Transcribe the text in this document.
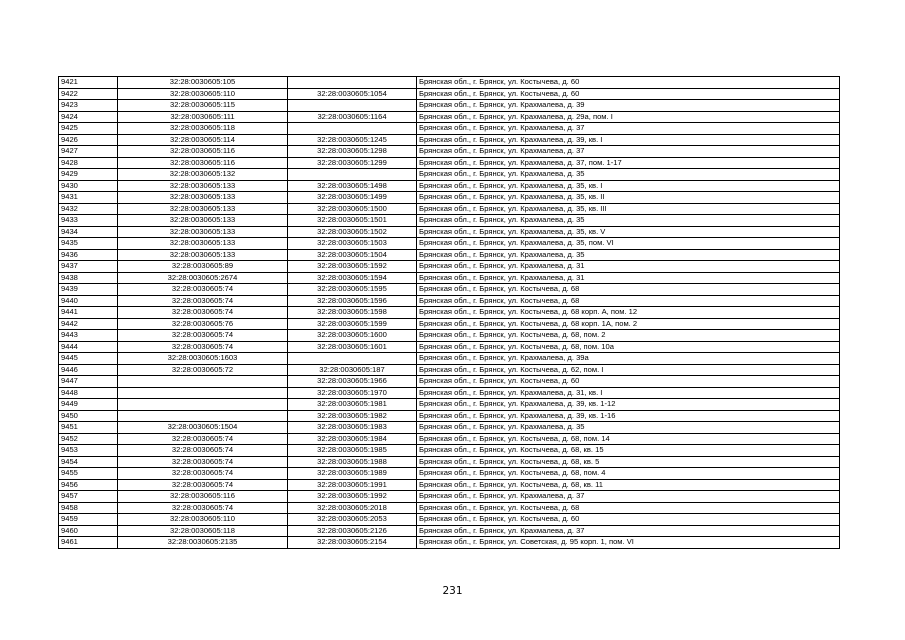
9421	32:28:0030605:105		Брянская обл., г. Брянск, ул. Костычева, д. 60
9422	32:28:0030605:110	32:28:0030605:1054	Брянская обл., г. Брянск, ул. Костычева, д. 60
9423	32:28:0030605:115		Брянская обл., г. Брянск, ул. Крахмалева, д. 39
9424	32:28:0030605:111	32:28:0030605:1164	Брянская обл., г. Брянск, ул. Крахмалева, д. 29а, пом. I
9425	32:28:0030605:118		Брянская обл., г. Брянск, ул. Крахмалева, д. 37
9426	32:28:0030605:114	32:28:0030605:1245	Брянская обл., г. Брянск, ул. Крахмалева, д. 39, кв. I
9427	32:28:0030605:116	32:28:0030605:1298	Брянская обл., г. Брянск, ул. Крахмалева, д. 37
9428	32:28:0030605:116	32:28:0030605:1299	Брянская обл., г. Брянск, ул. Крахмалева, д. 37, пом. 1-17
9429	32:28:0030605:132		Брянская обл., г. Брянск, ул. Крахмалева, д. 35
9430	32:28:0030605:133	32:28:0030605:1498	Брянская обл., г. Брянск, ул. Крахмалева, д. 35, кв. I
9431	32:28:0030605:133	32:28:0030605:1499	Брянская обл., г. Брянск, ул. Крахмалева, д. 35, кв. II
9432	32:28:0030605:133	32:28:0030605:1500	Брянская обл., г. Брянск, ул. Крахмалева, д. 35, кв. III
9433	32:28:0030605:133	32:28:0030605:1501	Брянская обл., г. Брянск, ул. Крахмалева, д. 35
9434	32:28:0030605:133	32:28:0030605:1502	Брянская обл., г. Брянск, ул. Крахмалева, д. 35, кв. V
9435	32:28:0030605:133	32:28:0030605:1503	Брянская обл., г. Брянск, ул. Крахмалева, д. 35, пом. VI
9436	32:28:0030605:133	32:28:0030605:1504	Брянская обл., г. Брянск, ул. Крахмалева, д. 35
9437	32:28:0030605:89	32:28:0030605:1592	Брянская обл., г. Брянск, ул. Крахмалева, д. 31
9438	32:28:0030605:2674	32:28:0030605:1594	Брянская обл., г. Брянск, ул. Крахмалева, д. 31
9439	32:28:0030605:74	32:28:0030605:1595	Брянская обл., г. Брянск, ул. Костычева, д. 68
9440	32:28:0030605:74	32:28:0030605:1596	Брянская обл., г. Брянск, ул. Костычева, д. 68
9441	32:28:0030605:74	32:28:0030605:1598	Брянская обл., г. Брянск, ул. Костычева, д. 68 корп. А, пом. 12
9442	32:28:0030605:76	32:28:0030605:1599	Брянская обл., г. Брянск, ул. Костычева, д. 68 корп. 1А, пом. 2
9443	32:28:0030605:74	32:28:0030605:1600	Брянская обл., г. Брянск, ул. Костычева, д. 68, пом. 2
9444	32:28:0030605:74	32:28:0030605:1601	Брянская обл., г. Брянск, ул. Костычева, д. 68, пом. 10а
9445	32:28:0030605:1603		Брянская обл., г. Брянск, ул. Крахмалева, д. 39а
9446	32:28:0030605:72	32:28:0030605:187	Брянская обл., г. Брянск, ул. Костычева, д. 62, пом. I
9447		32:28:0030605:1966	Брянская обл., г. Брянск, ул. Костычева, д. 60
9448		32:28:0030605:1970	Брянская обл., г. Брянск, ул. Крахмалева, д. 31, кв. I
9449		32:28:0030605:1981	Брянская обл., г. Брянск, ул. Крахмалева, д. 39, кв. 1-12
9450		32:28:0030605:1982	Брянская обл., г. Брянск, ул. Крахмалева, д. 39, кв. 1-16
9451	32:28:0030605:1504	32:28:0030605:1983	Брянская обл., г. Брянск, ул. Крахмалева, д. 35
9452	32:28:0030605:74	32:28:0030605:1984	Брянская обл., г. Брянск, ул. Костычева, д. 68, пом. 14
9453	32:28:0030605:74	32:28:0030605:1985	Брянская обл., г. Брянск, ул. Костычева, д. 68, кв. 15
9454	32:28:0030605:74	32:28:0030605:1988	Брянская обл., г. Брянск, ул. Костычева, д. 68, кв. 5
9455	32:28:0030605:74	32:28:0030605:1989	Брянская обл., г. Брянск, ул. Костычева, д. 68, пом. 4
9456	32:28:0030605:74	32:28:0030605:1991	Брянская обл., г. Брянск, ул. Костычева, д. 68, кв. 11
9457	32:28:0030605:116	32:28:0030605:1992	Брянская обл., г. Брянск, ул. Крахмалева, д. 37
9458	32:28:0030605:74	32:28:0030605:2018	Брянская обл., г. Брянск, ул. Костычева, д. 68
9459	32:28:0030605:110	32:28:0030605:2053	Брянская обл., г. Брянск, ул. Костычева, д. 60
9460	32:28:0030605:118	32:28:0030605:2126	Брянская обл., г. Брянск, ул. Крахмалева, д. 37
9461	32:28:0030605:2135	32:28:0030605:2154	Брянская обл., г. Брянск, ул. Советская, д. 95 корп. 1, пом. VI
231
